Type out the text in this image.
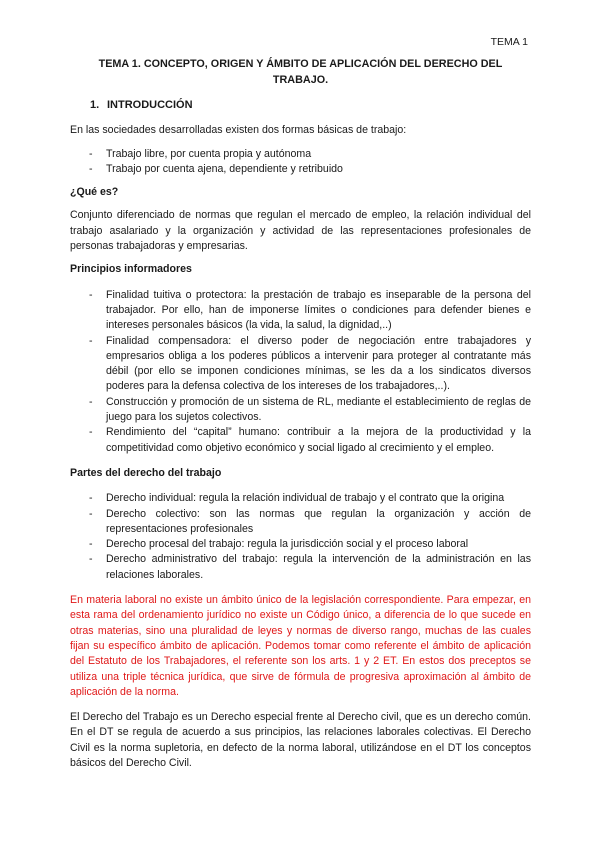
TEMA 1
TEMA 1. CONCEPTO, ORIGEN Y ÁMBITO DE APLICACIÓN DEL DERECHO DEL TRABAJO.
1. INTRODUCCIÓN

En las sociedades desarrolladas existen dos formas básicas de trabajo:

- Trabajo libre, por cuenta propia y autónoma
- Trabajo por cuenta ajena, dependiente y retribuido

¿Qué es?

Conjunto diferenciado de normas que regulan el mercado de empleo, la relación individual del trabajo asalariado y la organización y actividad de las representaciones profesionales de personas trabajadoras y empresarias.

Principios informadores

- Finalidad tuitiva o protectora: la prestación de trabajo es inseparable de la persona del trabajador. Por ello, han de imponerse límites o condiciones para defender bienes e intereses personales básicos (la vida, la salud, la dignidad,..)
- Finalidad compensadora: el diverso poder de negociación entre trabajadores y empresarios obliga a los poderes públicos a intervenir para proteger al contratante más débil (por ello se imponen condiciones mínimas, se les da a los sindicatos diversos poderes para la defensa colectiva de los intereses de los trabajadores,..).
- Construcción y promoción de un sistema de RL, mediante el establecimiento de reglas de juego para los sujetos colectivos.
- Rendimiento del “capital” humano: contribuir a la mejora de la productividad y la competitividad como objetivo económico y social ligado al crecimiento y el empleo.

Partes del derecho del trabajo

- Derecho individual: regula la relación individual de trabajo y el contrato que la origina
- Derecho colectivo: son las normas que regulan la organización y acción de representaciones profesionales
- Derecho procesal del trabajo: regula la jurisdicción social y el proceso laboral
- Derecho administrativo del trabajo: regula la intervención de la administración en las relaciones laborales.

En materia laboral no existe un ámbito único de la legislación correspondiente. Para empezar, en esta rama del ordenamiento jurídico no existe un Código único, a diferencia de lo que sucede en otras materias, sino una pluralidad de leyes y normas de diverso rango, muchas de las cuales fijan su específico ámbito de aplicación. Podemos tomar como referente el ámbito de aplicación del Estatuto de los Trabajadores, el referente son los arts. 1 y 2 ET. En estos dos preceptos se utiliza una triple técnica jurídica, que sirve de fórmula de progresiva aproximación al ámbito de aplicación de la norma.

El Derecho del Trabajo es un Derecho especial frente al Derecho civil, que es un derecho común. En el DT se regula de acuerdo a sus principios, las relaciones laborales colectivas. El Derecho Civil es la norma supletoria, en defecto de la norma laboral, utilizándose en el DT los conceptos básicos del Derecho Civil.
